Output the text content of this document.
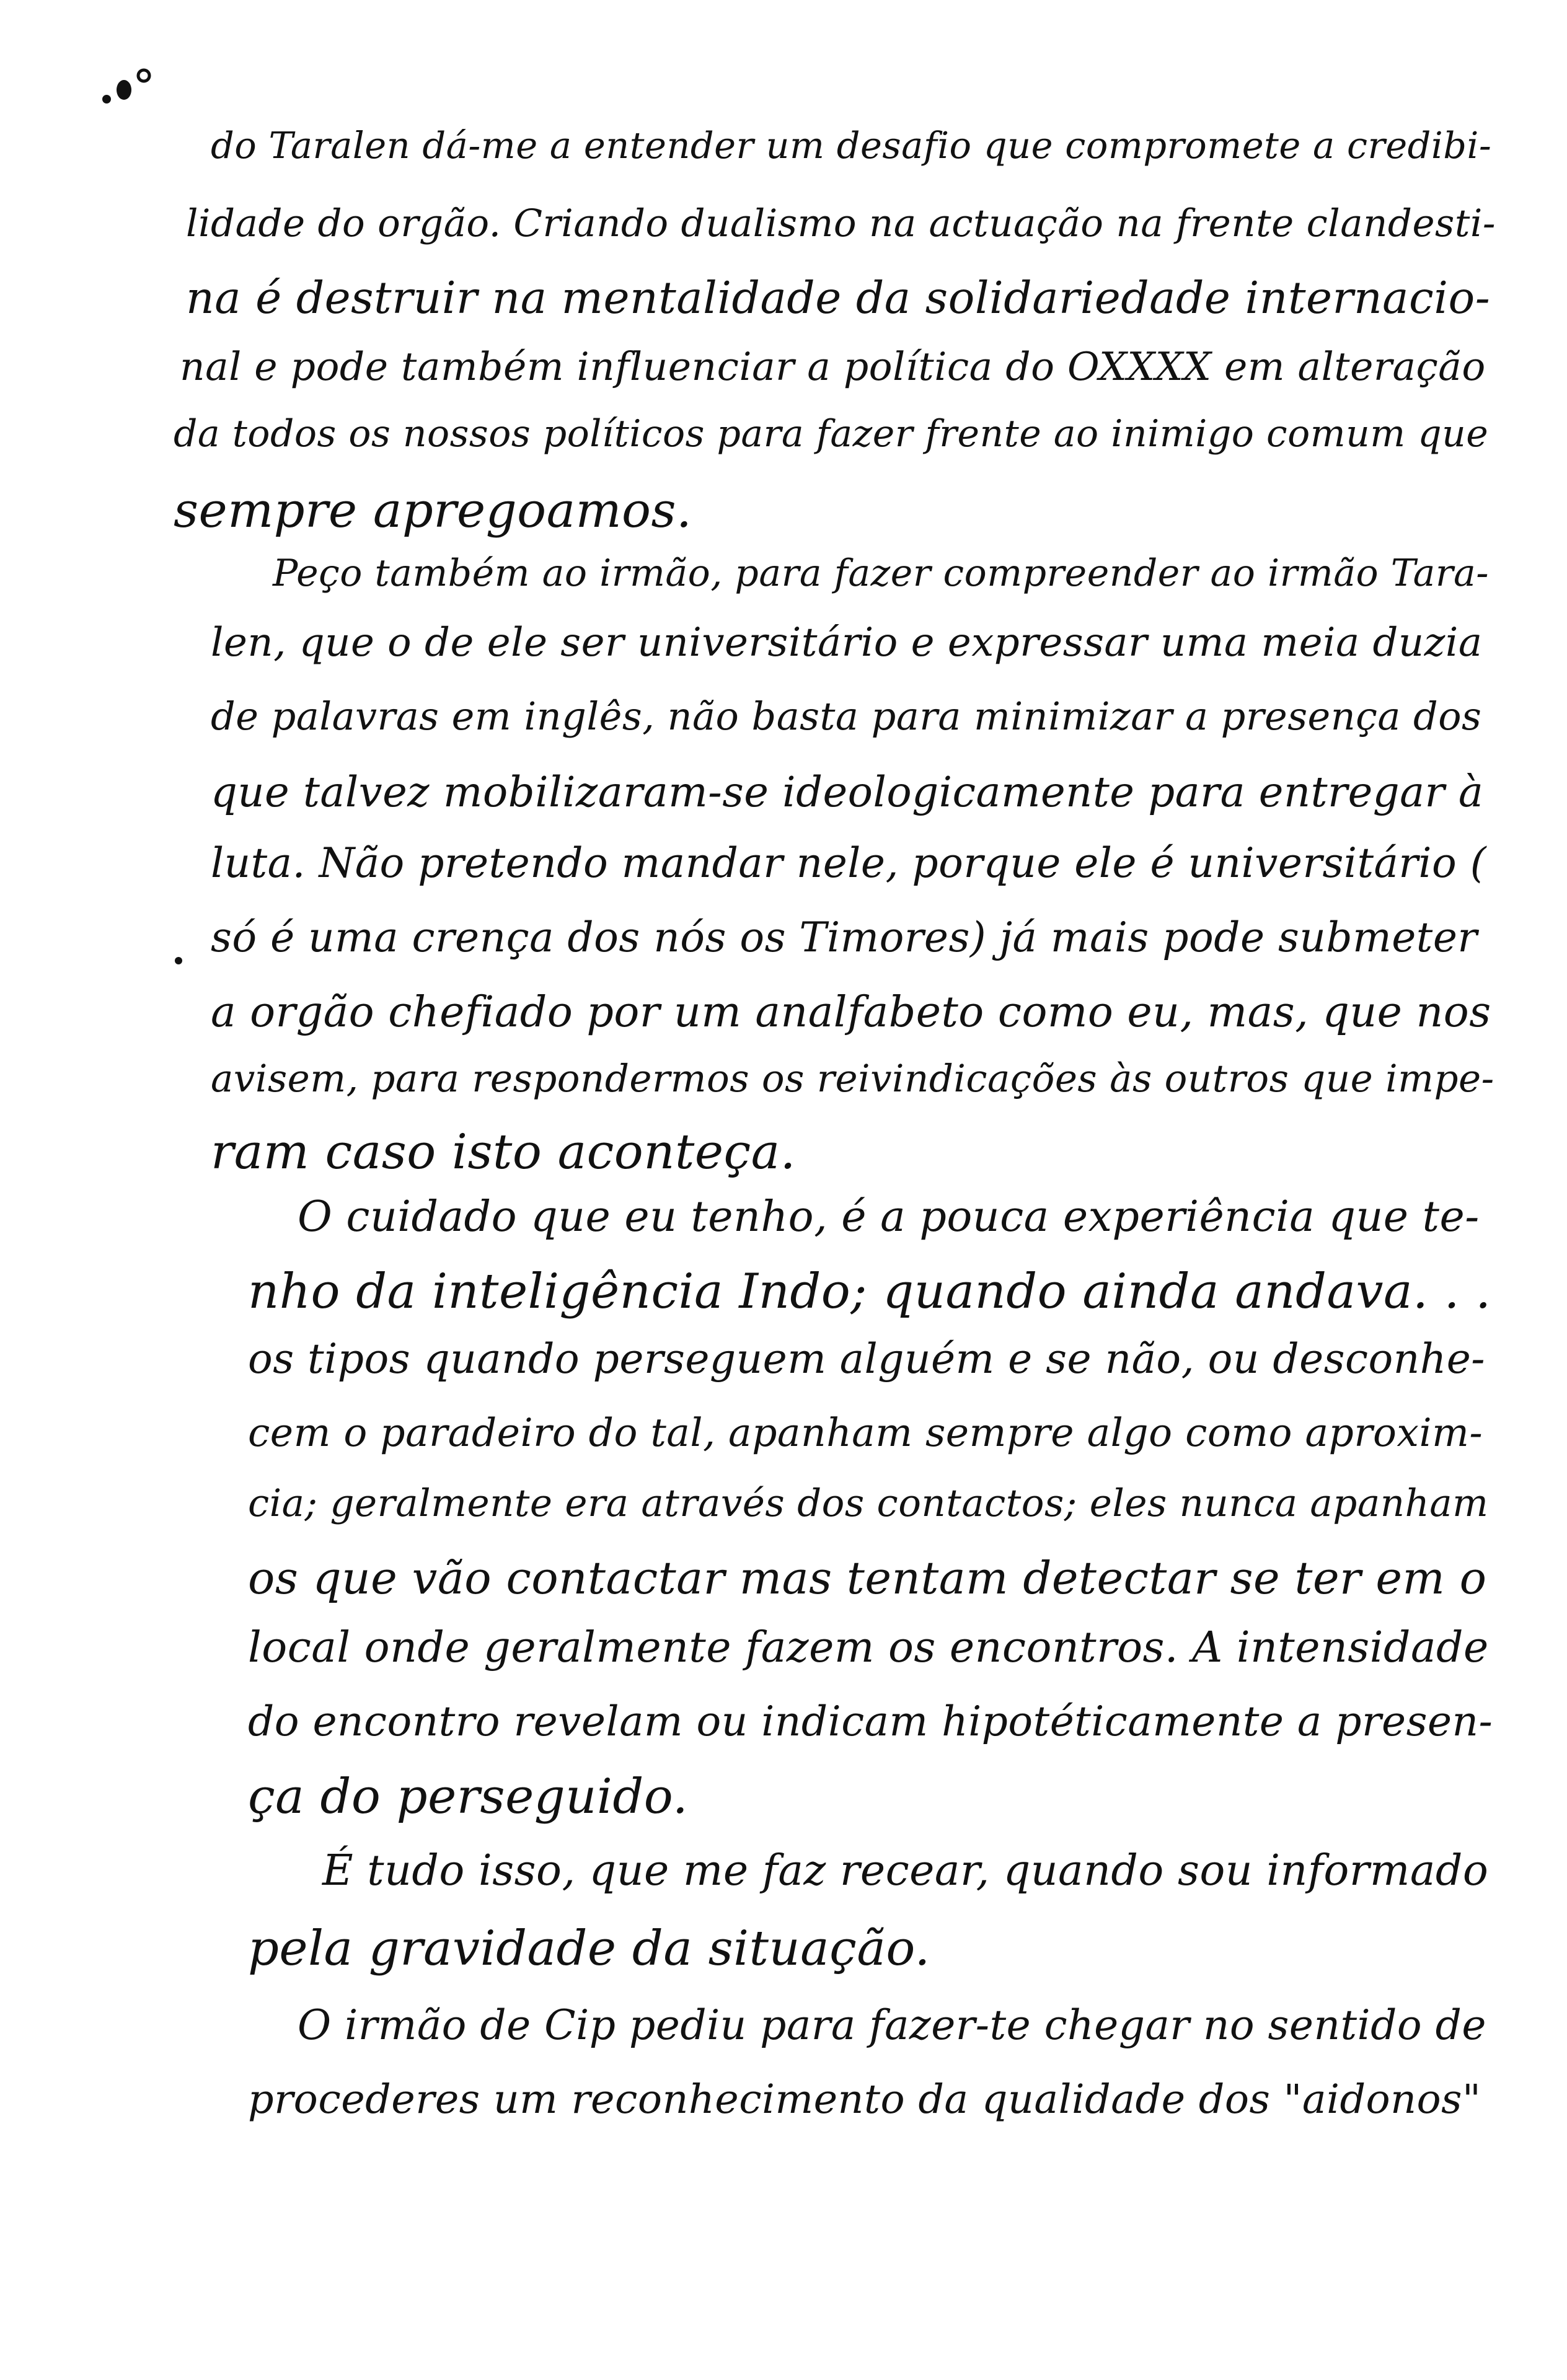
do Taralen dá-me a entender um desafio que compromete a credibi-
lidade do orgão. Criando dualismo na actuação na frente clandesti-
na é destruir na mentalidade da solidariedade internacio-
nal e pode também influenciar a política do OXXXX em alteração
da todos os nossos políticos para fazer frente ao inimigo comum que
sempre apregoamos.
Peço também ao irmão, para fazer compreender ao irmão Tara-
len, que o de ele ser universitário e expressar uma meia duzia
de palavras em inglês, não basta para minimizar a presença dos
que talvez mobilizaram-se ideologicamente para entregar à
luta. Não pretendo mandar nele, porque ele é universitário (
só é uma crença dos nós os Timores) já mais pode submeter
a orgão chefiado por um analfabeto como eu, mas, que nos
avisem, para respondermos os reivindicações às outros que impe-
ram caso isto aconteça.
O cuidado que eu tenho, é a pouca experiência que te-
nho da inteligência Indo; quando ainda andava. . .
os tipos quando perseguem alguém e se não, ou desconhe-
cem o paradeiro do tal, apanham sempre algo como aproxim-
cia; geralmente era através dos contactos; eles nunca apanham
os que vão contactar mas tentam detectar se ter em o
local onde geralmente fazem os encontros. A intensidade
do encontro revelam ou indicam hipotéticamente a presen-
ça do perseguido.
É tudo isso, que me faz recear, quando sou informado
pela gravidade da situação.
O irmão de Cip pediu para fazer-te chegar no sentido de
procederes um reconhecimento da qualidade dos "aidonos"
